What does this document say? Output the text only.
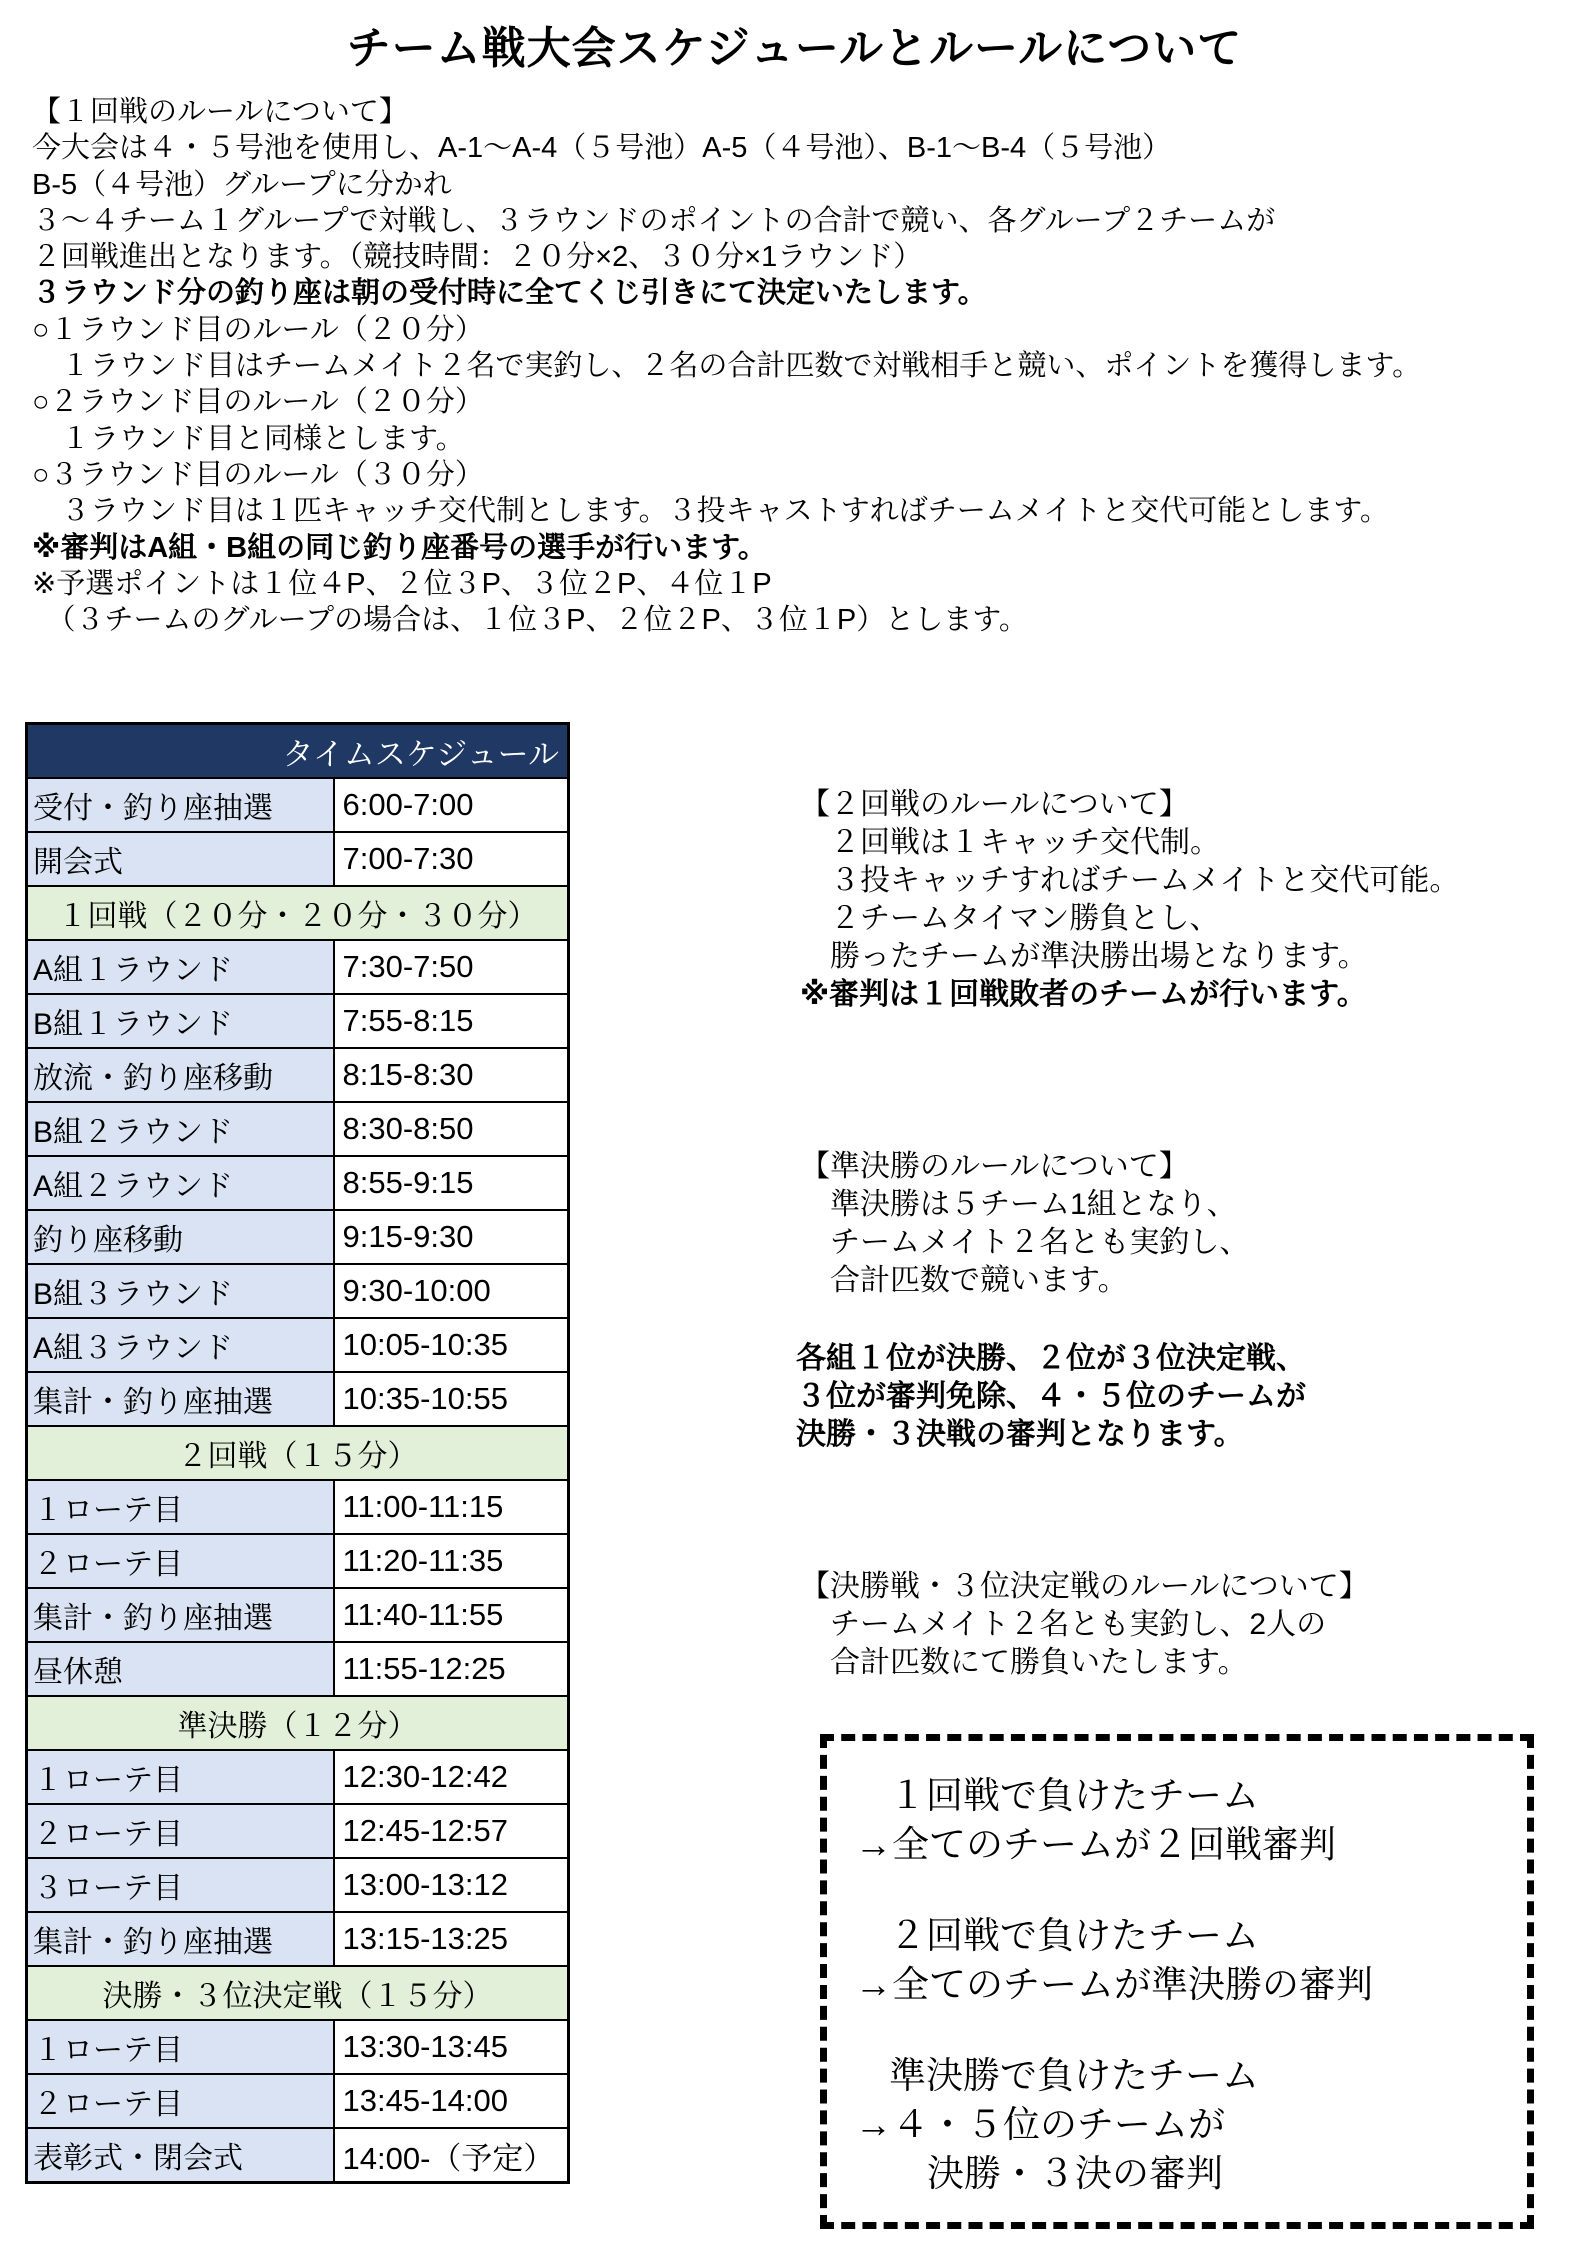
チーム戦大会スケジュールとルールについて
【１回戦のルールについて】
今大会は４・５号池を使用し、A-1～A-4（５号池）A-5（４号池）、B-1～B-4（５号池）
B-5（４号池）グループに分かれ
３～４チーム１グループで対戦し、３ラウンドのポイントの合計で競い、各グループ２チームが
２回戦進出となります。（競技時間：２０分×2、３０分×1ラウンド）
３ラウンド分の釣り座は朝の受付時に全てくじ引きにて決定いたします。
○１ラウンド目のルール（２０分）
　１ラウンド目はチームメイト２名で実釣し、２名の合計匹数で対戦相手と競い、ポイントを獲得します。
○２ラウンド目のルール（２０分）
　１ラウンド目と同様とします。
○３ラウンド目のルール（３０分）
　３ラウンド目は１匹キャッチ交代制とします。３投キャストすればチームメイトと交代可能とします。
※審判はA組・B組の同じ釣り座番号の選手が行います。
※予選ポイントは１位４P、２位３P、３位２P、４位１P
　（３チームのグループの場合は、１位３P、２位２P、３位１P）とします。
タイムスケジュール	
受付・釣り座抽選	6:00-7:00
開会式	7:00-7:30
１回戦（２０分・２０分・３０分）	
A組１ラウンド	7:30-7:50
B組１ラウンド	7:55-8:15
放流・釣り座移動	8:15-8:30
B組２ラウンド	8:30-8:50
A組２ラウンド	8:55-9:15
釣り座移動	9:15-9:30
B組３ラウンド	9:30-10:00
A組３ラウンド	10:05-10:35
集計・釣り座抽選	10:35-10:55
２回戦（１５分）	
１ローテ目	11:00-11:15
２ローテ目	11:20-11:35
集計・釣り座抽選	11:40-11:55
昼休憩	11:55-12:25
準決勝（１２分）	
１ローテ目	12:30-12:42
２ローテ目	12:45-12:57
３ローテ目	13:00-13:12
集計・釣り座抽選	13:15-13:25
決勝・３位決定戦（１５分）	
１ローテ目	13:30-13:45
２ローテ目	13:45-14:00
表彰式・閉会式	14:00-（予定）
【２回戦のルールについて】
　２回戦は１キャッチ交代制。
　３投キャッチすればチームメイトと交代可能。
　２チームタイマン勝負とし、
　勝ったチームが準決勝出場となります。
※審判は１回戦敗者のチームが行います。
【準決勝のルールについて】
　準決勝は５チーム1組となり、
　チームメイト２名とも実釣し、
　合計匹数で競います。
各組１位が決勝、２位が３位決定戦、
３位が審判免除、４・５位のチームが
決勝・３決戦の審判となります。
【決勝戦・３位決定戦のルールについて】
　チームメイト２名とも実釣し、2人の
　合計匹数にて勝負いたします。
１回戦で負けたチーム
→全てのチームが２回戦審判
２回戦で負けたチーム
→全てのチームが準決勝の審判
準決勝で負けたチーム
→４・５位のチームが
決勝・３決の審判
